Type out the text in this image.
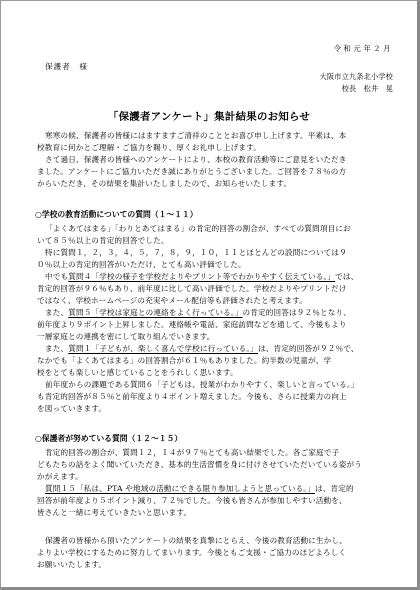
令和元年２月
保護者　様
大阪市立九条北小学校
校長　松井　晃
「保護者アンケート」集計結果のお知らせ
寒寒の候、保護者の皆様にはますますご清祥のこととお喜び申し上げます。平素は、本
校教育に何かとご理解・ご協力を賜り、厚くお礼申し上げます。
さて過日、保護者の皆様へのアンケートにより、本校の教育活動等にご意見をいただき
ました。アンケートにご協力いただき誠にありがとうございました。ご回答を７８％の方
からいただき、その結果を集計いたしましたので、お知らせいたします。
○学校の教育活動についての質問（１～１１）
「よくあてはまる」「わりとあてはまる」の肯定的回答の割合が、すべての質問項目にお
いて８５％以上の肯定的回答でした。
特に質問１，２，３，４，５，７，８，９，１０，１１とほとんどの設問については９
０％以上の肯定的回答がいただけ、とても高い評価でした。
中でも質問４「学校の様子を学校だよりやプリント等でわかりやすく伝えている。」では、
肯定的回答が９６％もあり、前年度に比して高い評価でした。学校だよりやプリントだけ
ではなく、学校ホームページの充実やメール配信等も評価されたと考えます。
また、質問５「学校は家庭との連絡をよく行っている。」の肯定的回答は９２％となり、
前年度より９ポイント上昇しました。連絡帳や電話、家庭訪問などを通して、今後もより
一層家庭との連携を密にして取り組んでいきます。
また、質問１「子どもが、楽しく喜んで学校に行っている。」は、肯定的回答が９２％で、
なかでも「よくあてはまる」の回答割合が６１％もありました。約半数の児童が、学
校をとても楽しいと感じていることをうれしく思います。
前年度からの課題である質問６「子どもは、授業がわかりやすく、楽しいと言っている。」
も肯定的回答が８５％と前年度より４ポイント増えました。今後も、さらに授業力の向上
を図っていきます。
○保護者が努めている質問（１２～１５）
肯定的回答の割合が、質問１２，１４が９７％とても高い結果でした。各ご家庭で子
どもたちの話をよく聞いていただき、基本的生活習慣を身に付けさせていただいている姿がう
かがえます。
質問１５「私は、PTA や地域の活動にできる限り参加しようと思っている。」は、肯定的
回答が前年度より５ポイント減り、７２％でした。今後も皆さんが参加しやすい活動を、
皆さんと一緒に考えていきたいと思います。
保護者の皆様から頂いたアンケートの結果を真摯にとらえ、今後の教育活動に生かし、
よりよい学校にするために努力してまいります。今後ともご支援・ご協力のほどよろしく
お願いいたします。
